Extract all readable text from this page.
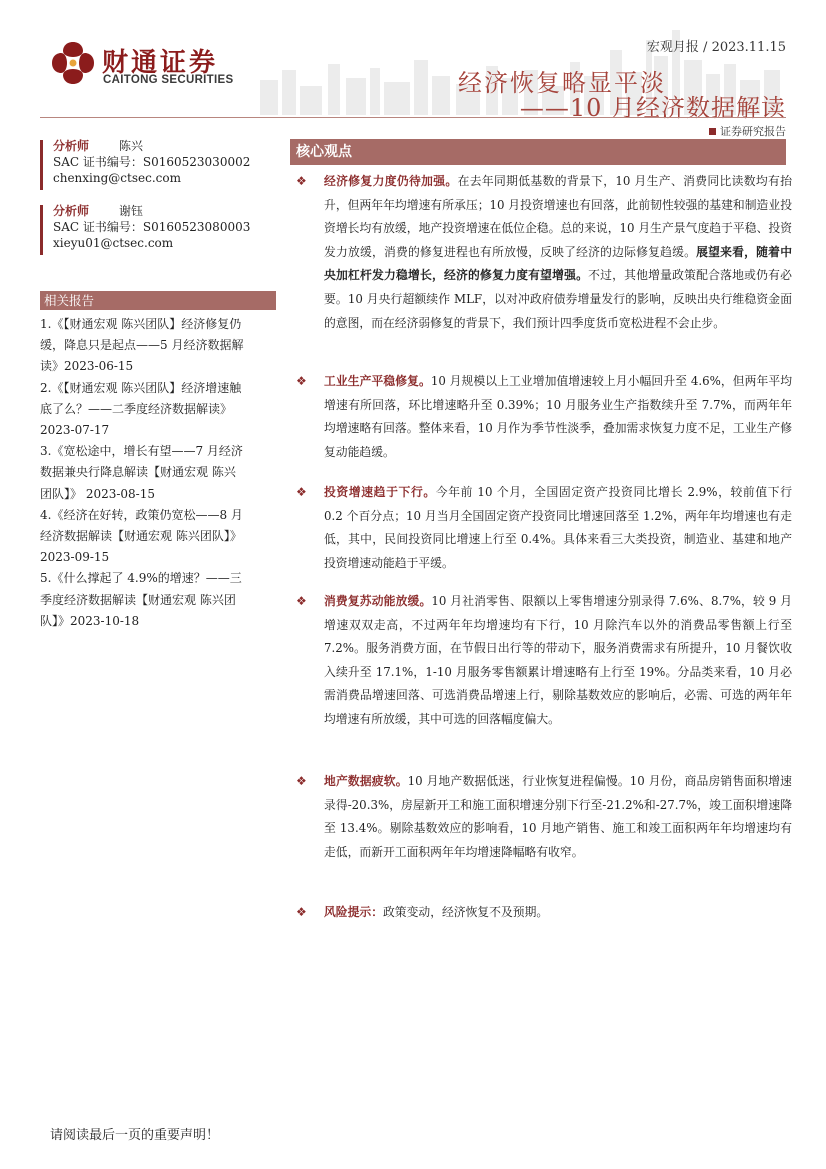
财通证券
CAITONG SECURITIES
宏观月报 / 2023.11.15
经济恢复略显平淡
——10 月经济数据解读
证券研究报告
分析师	陈兴
SAC 证书编号：S0160523030002
chenxing@ctsec.com
分析师	谢钰
SAC 证书编号：S0160523080003
xieyu01@ctsec.com
相关报告
1.《【财通宏观 陈兴团队】经济修复仍
缓，降息只是起点——5 月经济数据解
读》2023-06-15
2.《【财通宏观 陈兴团队】经济增速触
底了么？——二季度经济数据解读》
2023-07-17
3.《宽松途中，增长有望——7 月经济
数据兼央行降息解读【财通宏观 陈兴
团队】》 2023-08-15
4.《经济在好转，政策仍宽松——8 月
经济数据解读【财通宏观 陈兴团队】》
2023-09-15
5.《什么撑起了 4.9%的增速？——三
季度经济数据解读【财通宏观 陈兴团
队】》2023-10-18
核心观点
❖	经济修复力度仍待加强。在去年同期低基数的背景下，10 月生产、消费同比读数均有抬升，但两年年均增速有所承压；10 月投资增速也有回落，此前韧性较强的基建和制造业投资增长均有放缓，地产投资增速在低位企稳。总的来说，10 月生产景气度趋于平稳、投资发力放缓，消费的修复进程也有所放慢，反映了经济的边际修复趋缓。展望来看，随着中央加杠杆发力稳增长，经济的修复力度有望增强。不过，其他增量政策配合落地或仍有必要。10 月央行超额续作 MLF，以对冲政府债券增量发行的影响，反映出央行维稳资金面的意图，而在经济弱修复的背景下，我们预计四季度货币宽松进程不会止步。
❖	工业生产平稳修复。10 月规模以上工业增加值增速较上月小幅回升至 4.6%，但两年平均增速有所回落，环比增速略升至 0.39%；10 月服务业生产指数续升至 7.7%，而两年年均增速略有回落。整体来看，10 月作为季节性淡季，叠加需求恢复力度不足，工业生产修复动能趋缓。
❖	投资增速趋于下行。今年前 10 个月，全国固定资产投资同比增长 2.9%，较前值下行 0.2 个百分点；10 月当月全国固定资产投资同比增速回落至 1.2%，两年年均增速也有走低，其中，民间投资同比增速上行至 0.4%。具体来看三大类投资，制造业、基建和地产投资增速动能趋于平缓。
❖	消费复苏动能放缓。10 月社消零售、限额以上零售增速分别录得 7.6%、8.7%，较 9 月增速双双走高，不过两年年均增速均有下行，10 月除汽车以外的消费品零售额上行至 7.2%。服务消费方面，在节假日出行等的带动下，服务消费需求有所提升，10 月餐饮收入续升至 17.1%，1-10 月服务零售额累计增速略有上行至 19%。分品类来看，10 月必需消费品增速回落、可选消费品增速上行，剔除基数效应的影响后，必需、可选的两年年均增速有所放缓，其中可选的回落幅度偏大。
❖	地产数据疲软。10 月地产数据低迷，行业恢复进程偏慢。10 月份，商品房销售面积增速录得-20.3%，房屋新开工和施工面积增速分别下行至-21.2%和-27.7%，竣工面积增速降至 13.4%。剔除基数效应的影响看，10 月地产销售、施工和竣工面积两年年均增速均有走低，而新开工面积两年年均增速降幅略有收窄。
❖	风险提示：政策变动，经济恢复不及预期。
请阅读最后一页的重要声明！
